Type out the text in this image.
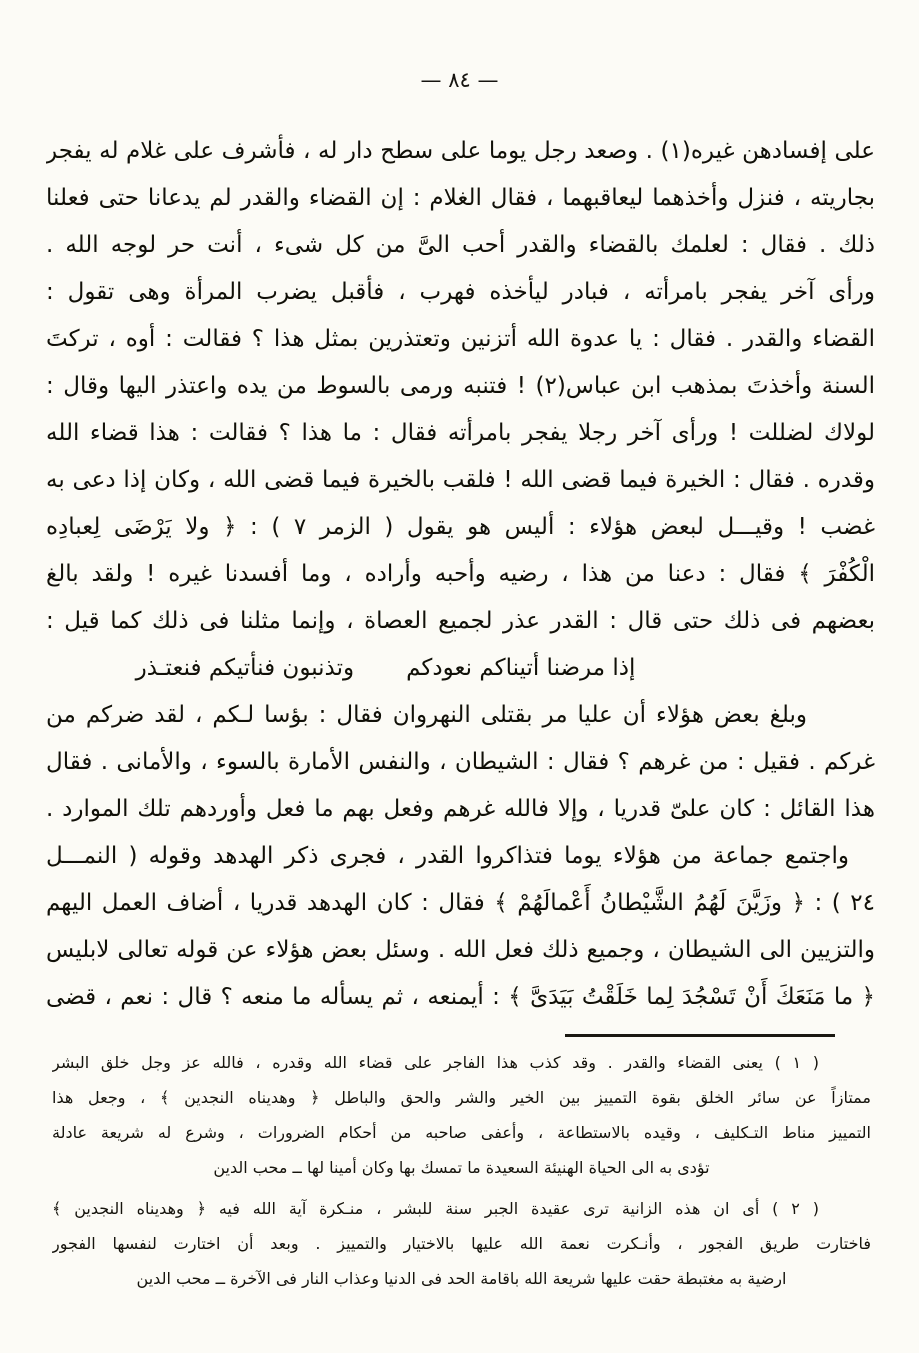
— ٨٤ —
على إفسادهن غيره(١) . وصعد رجل يوما على سطح دار له ، فأشرف على غلام له يفجر
بجاريته ، فنزل وأخذهما ليعاقبهما ، فقال الغلام : إن القضاء والقدر لم يدعانا حتى فعلنا
ذلك . فقال : لعلمك بالقضاء والقدر أحب الىَّ من كل شىء ، أنت حر لوجه الله .
ورأى آخر يفجر بامرأته ، فبادر ليأخذه فهرب ، فأقبل يضرب المرأة وهى تقول :
القضاء والقدر . فقال : يا عدوة الله أتزنين وتعتذرين بمثل هذا ؟ فقالت : أوه ، تركتَ
السنة وأخذتَ بمذهب ابن عباس(٢) ! فتنبه ورمى بالسوط من يده واعتذر اليها وقال :
لولاك لضللت ! ورأى آخر رجلا يفجر بامرأته فقال : ما هذا ؟ فقالت : هذا قضاء الله
وقدره . فقال : الخيرة فيما قضى الله ! فلقب بالخيرة فيما قضى الله ، وكان إذا دعى به
غضب ! وقيـــل لبعض هؤلاء : أليس هو يقول ( الزمر ٧ ) : ﴿ ولا يَرْضَى لِعبادِه
الْكُفْرَ ﴾ فقال : دعنا من هذا ، رضيه وأحبه وأراده ، وما أفسدنا غيره ! ولقد بالغ
بعضهم فى ذلك حتى قال : القدر عذر لجميع العصاة ، وإنما مثلنا فى ذلك كما قيل :
إذا مرضنا أتيناكم نعودكم
وتذنبون فنأتيكم فنعتـذر
وبلغ بعض هؤلاء أن عليا مر بقتلى النهروان فقال : بؤسا لـكم ، لقد ضركم من
غركم . فقيل : من غرهم ؟ فقال : الشيطان ، والنفس الأمارة بالسوء ، والأمانى . فقال
هذا القائل : كان علىّ قدريا ، وإلا فالله غرهم وفعل بهم ما فعل وأوردهم تلك الموارد .
واجتمع جماعة من هؤلاء يوما فتذاكروا القدر ، فجرى ذكر الهدهد وقوله ( النمـــل
٢٤ ) : ﴿ وزَيَّنَ لَهُمُ الشَّيْطانُ أَعْمالَهُمْ ﴾ فقال : كان الهدهد قدريا ، أضاف العمل اليهم
والتزيين الى الشيطان ، وجميع ذلك فعل الله . وسئل بعض هؤلاء عن قوله تعالى لابليس
﴿ ما مَنَعَكَ أَنْ تَسْجُدَ لِما خَلَقْتُ بَيَدَىَّ ﴾ : أيمنعه ، ثم يسأله ما منعه ؟ قال : نعم ، قضى
( ١ ) يعنى القضاء والقدر . وقد كذب هذا الفاجر على قضاء الله وقدره ، فالله عز وجل خلق البشر
ممتازاً عن سائر الخلق بقوة التمييز بين الخير والشر والحق والباطل ﴿ وهديناه النجدين ﴾ ، وجعل هذا
التمييز مناط التـكليف ، وقيده بالاستطاعة ، وأعفى صاحبه من أحكام الضرورات ، وشرع له شريعة عادلة
تؤدى به الى الحياة الهنيئة السعيدة ما تمسك بها وكان أمينا لها ــ محب الدين
( ٢ ) أى ان هذه الزانية ترى عقيدة الجبر سنة للبشر ، منـكرة آية الله فيه ﴿ وهديناه النجدين ﴾
فاختارت طريق الفجور ، وأنـكرت نعمة الله عليها بالاختيار والتمييز . وبعد أن اختارت لنفسها الفجور
ارضية به مغتبطة حقت عليها شريعة الله باقامة الحد فى الدنيا وعذاب النار فى الآخرة ــ محب الدين
